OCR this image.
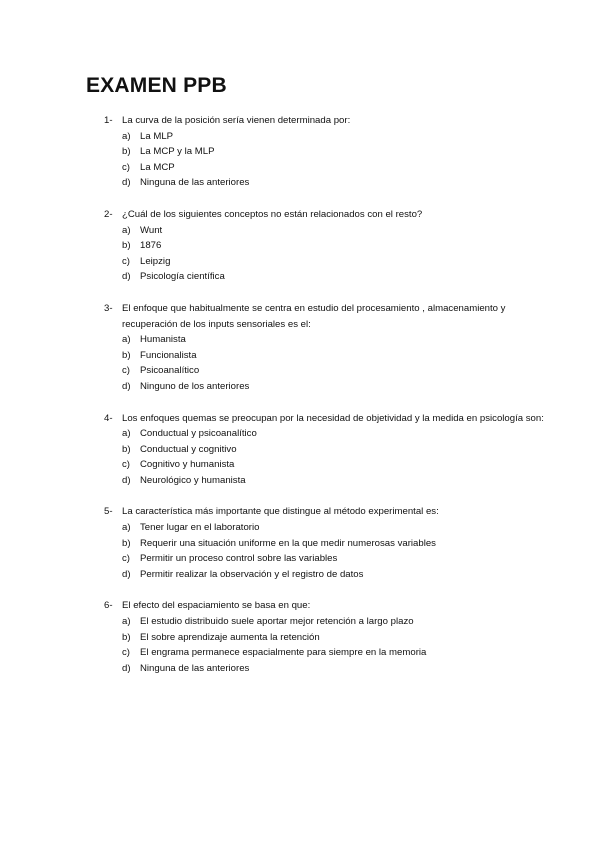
EXAMEN PPB
1- La curva de la posición sería vienen determinada por:
a) La MLP
b) La MCP y la MLP
c)	La MCP
d) Ninguna de las anteriores
2- ¿Cuál de los siguientes conceptos no están relacionados con el resto?
a) Wunt
b) 1876
c)	Leipzig
d) Psicología científica
3- El enfoque que habitualmente se centra en estudio del procesamiento , almacenamiento y recuperación de los inputs sensoriales es el:
a) Humanista
b) Funcionalista
c)	Psicoanalítico
d) Ninguno de los anteriores
4- Los enfoques quemas se preocupan por la necesidad de objetividad y la medida en psicología son:
a) Conductual y psicoanalítico
b) Conductual y cognitivo
c)	Cognitivo y humanista
d) Neurológico y humanista
5- La característica más importante que distingue al método experimental es:
a) Tener lugar en el laboratorio
b) Requerir una situación uniforme en la que medir numerosas variables
c)	Permitir un proceso control sobre las variables
d) Permitir realizar la observación y el registro de datos
6- El efecto del espaciamiento se basa en que:
a) El estudio distribuido suele aportar mejor retención a largo plazo
b) El sobre aprendizaje aumenta la retención
c)	El engrama permanece espacialmente para siempre en la memoria
d) Ninguna de las anteriores
